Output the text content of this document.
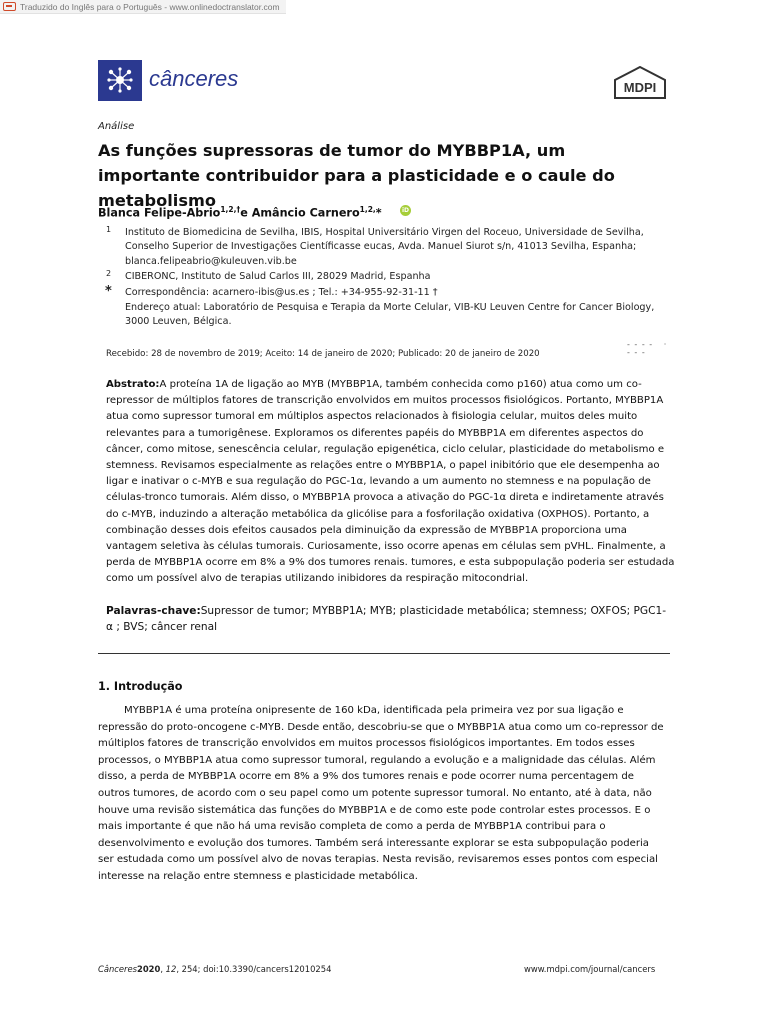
Traduzido do Inglês para o Português - www.onlinedoctranslator.com
cânceres	MDPI
Análise
As funções supressoras de tumor do MYBBP1A, um importante contribuidor para a plasticidade e o caule do metabolismo
Blanca Felipe-Abrio$^{1,2,\dagger}$e Amâncio Carnero$^{1,2,}$*	iD
1 Instituto de Biomedicina de Sevilha, IBIS, Hospital Universitário Virgen del Roceuo, Universidade de Sevilha, Conselho Superior de Investigações Científicasse eucas, Avda. Manuel Siurot s/n, 41013 Sevilha, Espanha; blanca.felipeabrio@kuleuven.vib.be
2 CIBERONC, Instituto de Salud Carlos III, 28029 Madrid, Espanha
* Correspondência: acarnero-ibis@us.es ; Tel.: +34-955-92-31-11 †
Endereço atual: Laboratório de Pesquisa e Terapia da Morte Celular, VIB-KU Leuven Centre for Cancer Biology, 3000 Leuven, Bélgica.
- - - -   ·
- - -
Recebido: 28 de novembro de 2019; Aceito: 14 de janeiro de 2020; Publicado: 20 de janeiro de 2020
Abstrato:A proteína 1A de ligação ao MYB (MYBBP1A, também conhecida como p160) atua como um co-repressor de múltiplos fatores de transcrição envolvidos em muitos processos fisiológicos. Portanto, MYBBP1A atua como supressor tumoral em múltiplos aspectos relacionados à fisiologia celular, muitos deles muito relevantes para a tumorigênese. Exploramos os diferentes papéis do MYBBP1A em diferentes aspectos do câncer, como mitose, senescência celular, regulação epigenética, ciclo celular, plasticidade do metabolismo e stemness. Revisamos especialmente as relações entre o MYBBP1A, o papel inibitório que ele desempenha ao ligar e inativar o c-MYB e sua regulação do PGC-1α, levando a um aumento no stemness e na população de células-tronco tumorais. Além disso, o MYBBP1A provoca a ativação do PGC-1α direta e indiretamente através do c-MYB, induzindo a alteração metabólica da glicólise para a fosforilação oxidativa (OXPHOS). Portanto, a combinação desses dois efeitos causados pela diminuição da expressão de MYBBP1A proporciona uma vantagem seletiva às células tumorais. Curiosamente, isso ocorre apenas em células sem pVHL. Finalmente, a perda de MYBBP1A ocorre em 8% a 9% dos tumores renais. tumores, e esta subpopulação poderia ser estudada como um possível alvo de terapias utilizando inibidores da respiração mitocondrial.
Palavras-chave:Supressor de tumor; MYBBP1A; MYB; plasticidade metabólica; stemness; OXFOS; PGC1-α ; BVS; câncer renal
1. Introdução
MYBBP1A é uma proteína onipresente de 160 kDa, identificada pela primeira vez por sua ligação e repressão do proto-oncogene c-MYB. Desde então, descobriu-se que o MYBBP1A atua como um co-repressor de múltiplos fatores de transcrição envolvidos em muitos processos fisiológicos importantes. Em todos esses processos, o MYBBP1A atua como supressor tumoral, regulando a evolução e a malignidade das células. Além disso, a perda de MYBBP1A ocorre em 8% a 9% dos tumores renais e pode ocorrer numa percentagem de outros tumores, de acordo com o seu papel como um potente supressor tumoral. No entanto, até à data, não houve uma revisão sistemática das funções do MYBBP1A e de como este pode controlar estes processos. E o mais importante é que não há uma revisão completa de como a perda de MYBBP1A contribui para o desenvolvimento e evolução dos tumores. Também será interessante explorar se esta subpopulação poderia ser estudada como um possível alvo de novas terapias. Nesta revisão, revisaremos esses pontos com especial interesse na relação entre stemness e plasticidade metabólica.
Cânceres2020, 12, 254; doi:10.3390/cancers12010254	www.mdpi.com/journal/cancers
